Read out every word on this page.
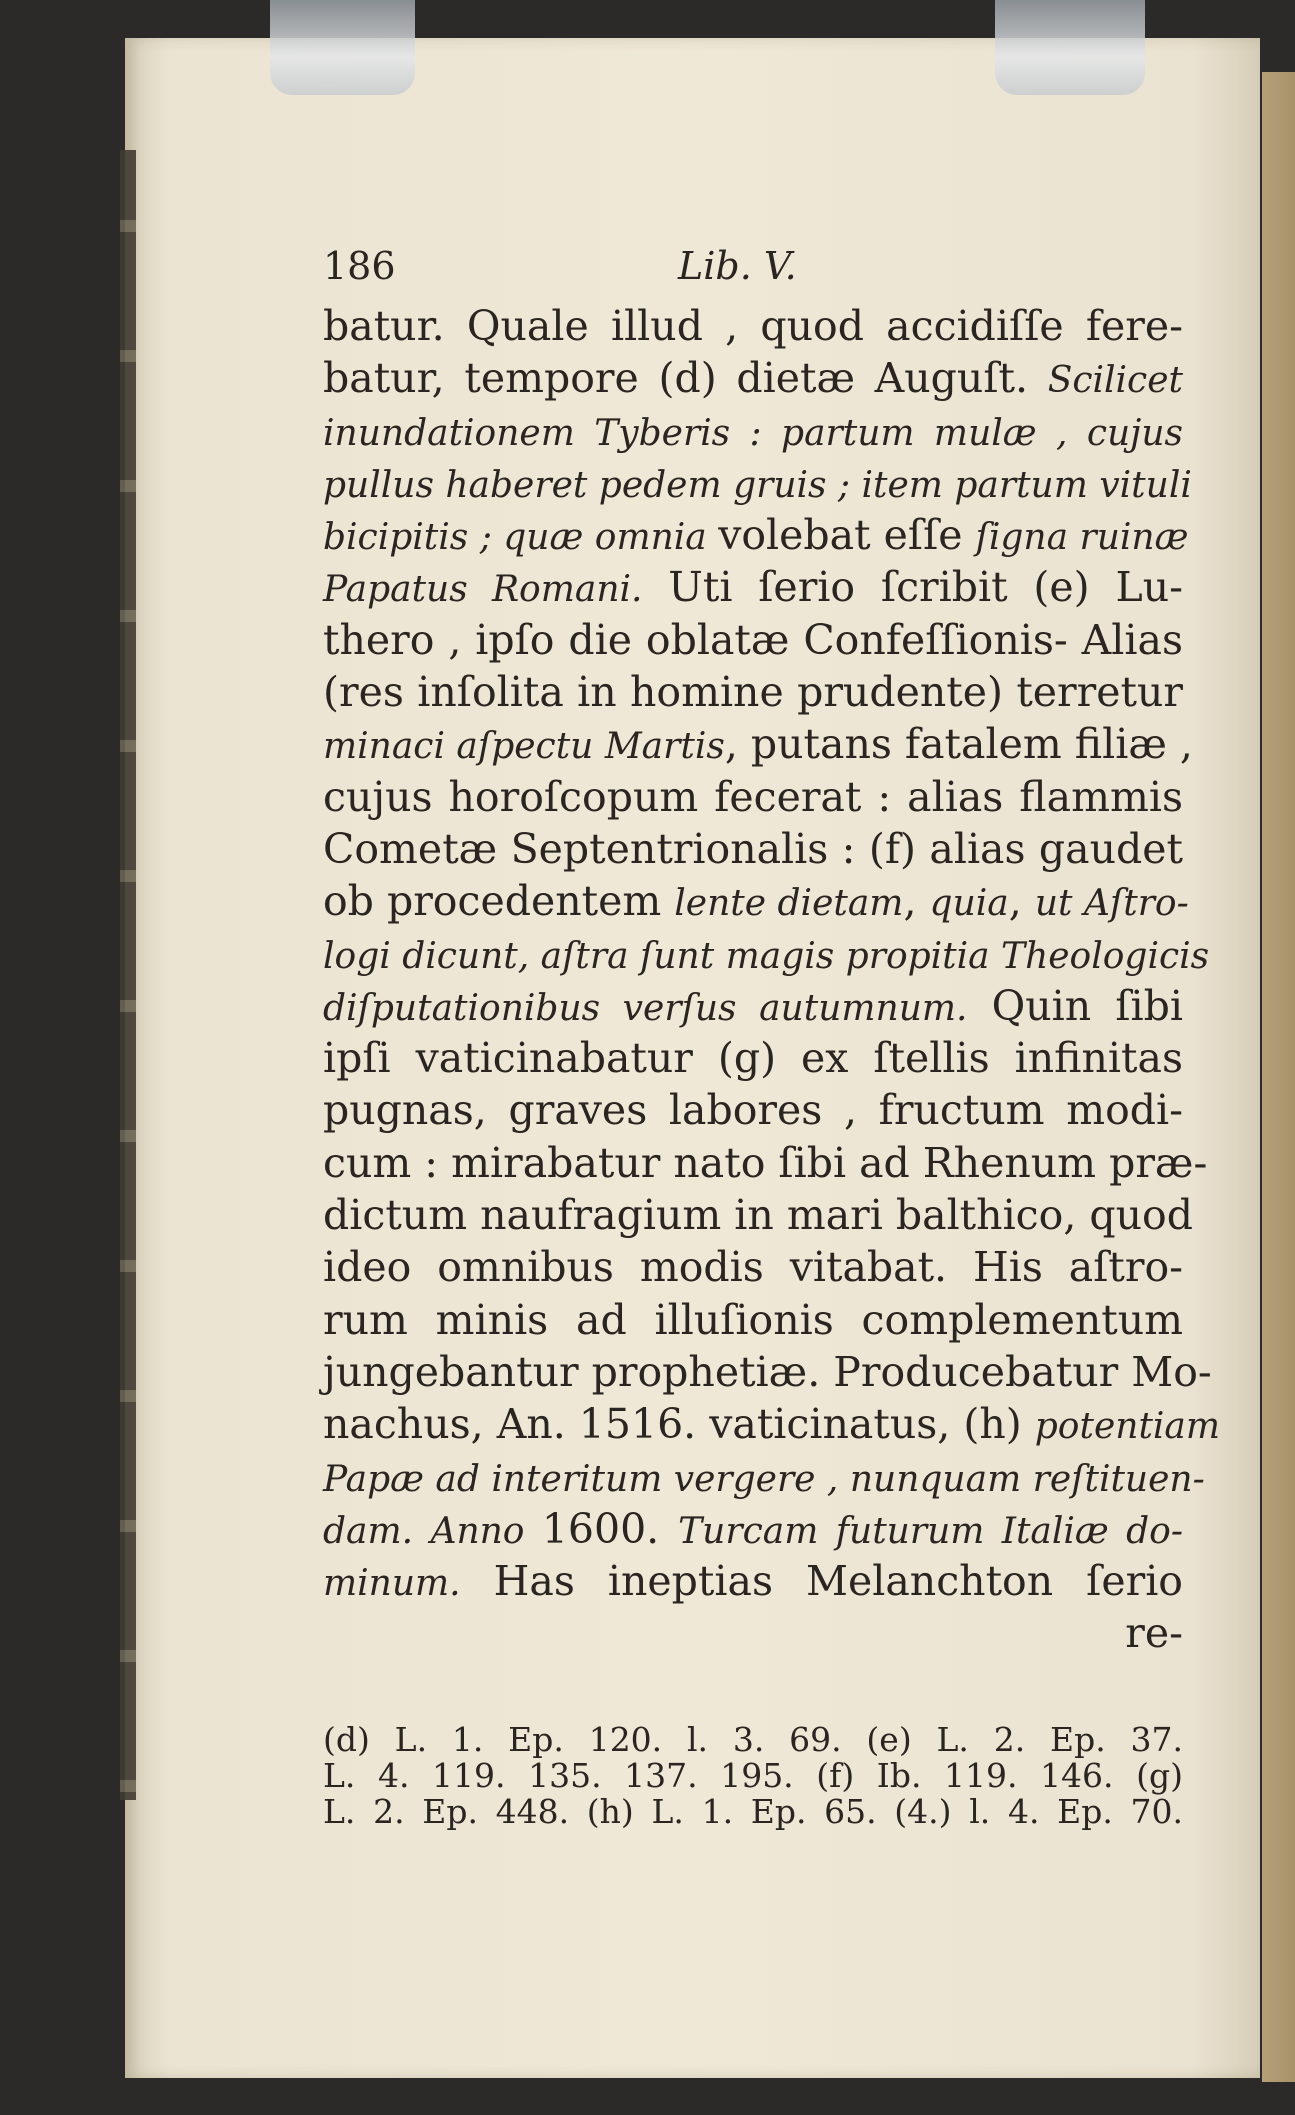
186	Lib. V.
batur. Quale illud , quod accidiſſe fere-
batur, tempore (d) dietæ Auguſt. Scilicet
inundationem Tyberis : partum mulæ , cujus
pullus haberet pedem gruis ; item partum vituli
bicipitis ; quæ omnia volebat eſſe ſigna ruinæ
Papatus Romani. Uti ſerio ſcribit (e) Lu-
thero , ipſo die oblatæ Confeſſionis- Alias
(res inſolita in homine prudente) terretur
minaci aſpectu Martis, putans fatalem filiæ ,
cujus horoſcopum fecerat : alias flammis
Cometæ Septentrionalis : (f) alias gaudet
ob procedentem lente dietam, quia, ut Aſtro-
logi dicunt, aſtra ſunt magis propitia Theologicis
diſputationibus verſus autumnum. Quin ſibi
ipſi vaticinabatur (g) ex ſtellis infinitas
pugnas, graves labores , fructum modi-
cum : mirabatur nato ſibi ad Rhenum præ-
dictum naufragium in mari balthico, quod
ideo omnibus modis vitabat. His aſtro-
rum minis ad illuſionis complementum
jungebantur prophetiæ. Producebatur Mo-
nachus, An. 1516. vaticinatus, (h) potentiam
Papæ ad interitum vergere , nunquam reſtituen-
dam. Anno 1600. Turcam futurum Italiæ do-
minum. Has ineptias Melanchton ſerio
re-
(d) L. 1. Ep. 120. l. 3. 69. (e) L. 2. Ep. 37.
L. 4. 119. 135. 137. 195. (f) Ib. 119. 146. (g)
L. 2. Ep. 448. (h) L. 1. Ep. 65. (4.) l. 4. Ep. 70.
